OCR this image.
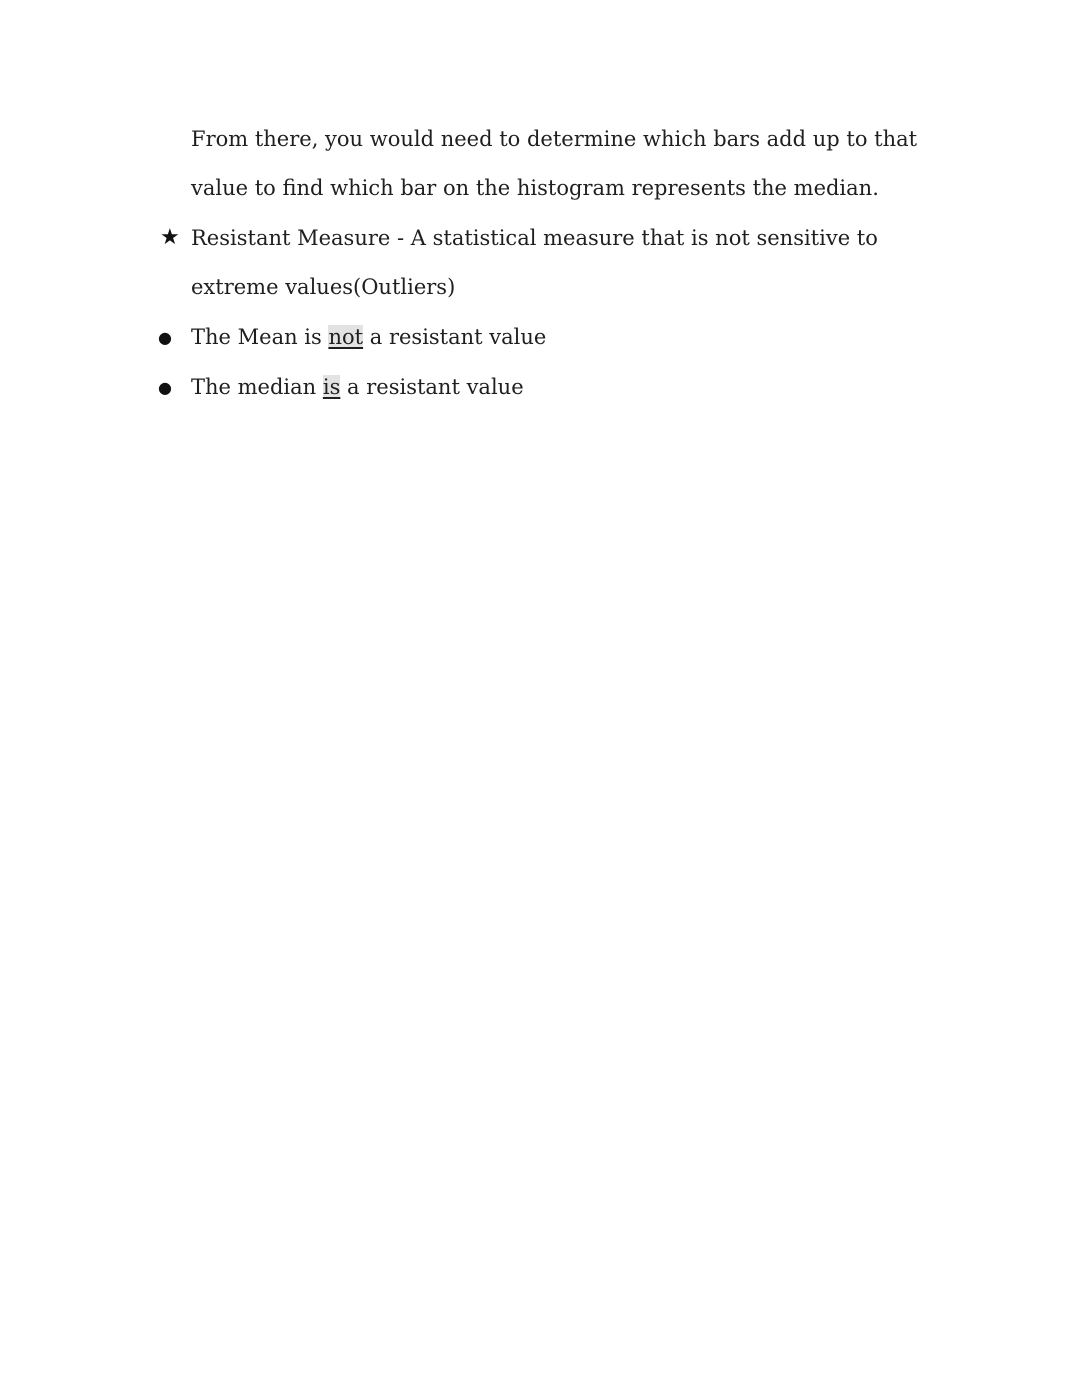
From there, you would need to determine which bars add up to that
value to find which bar on the histogram represents the median.
★ Resistant Measure - A statistical measure that is not sensitive to
extreme values(Outliers)
● The Mean is not a resistant value
● The median is a resistant value
